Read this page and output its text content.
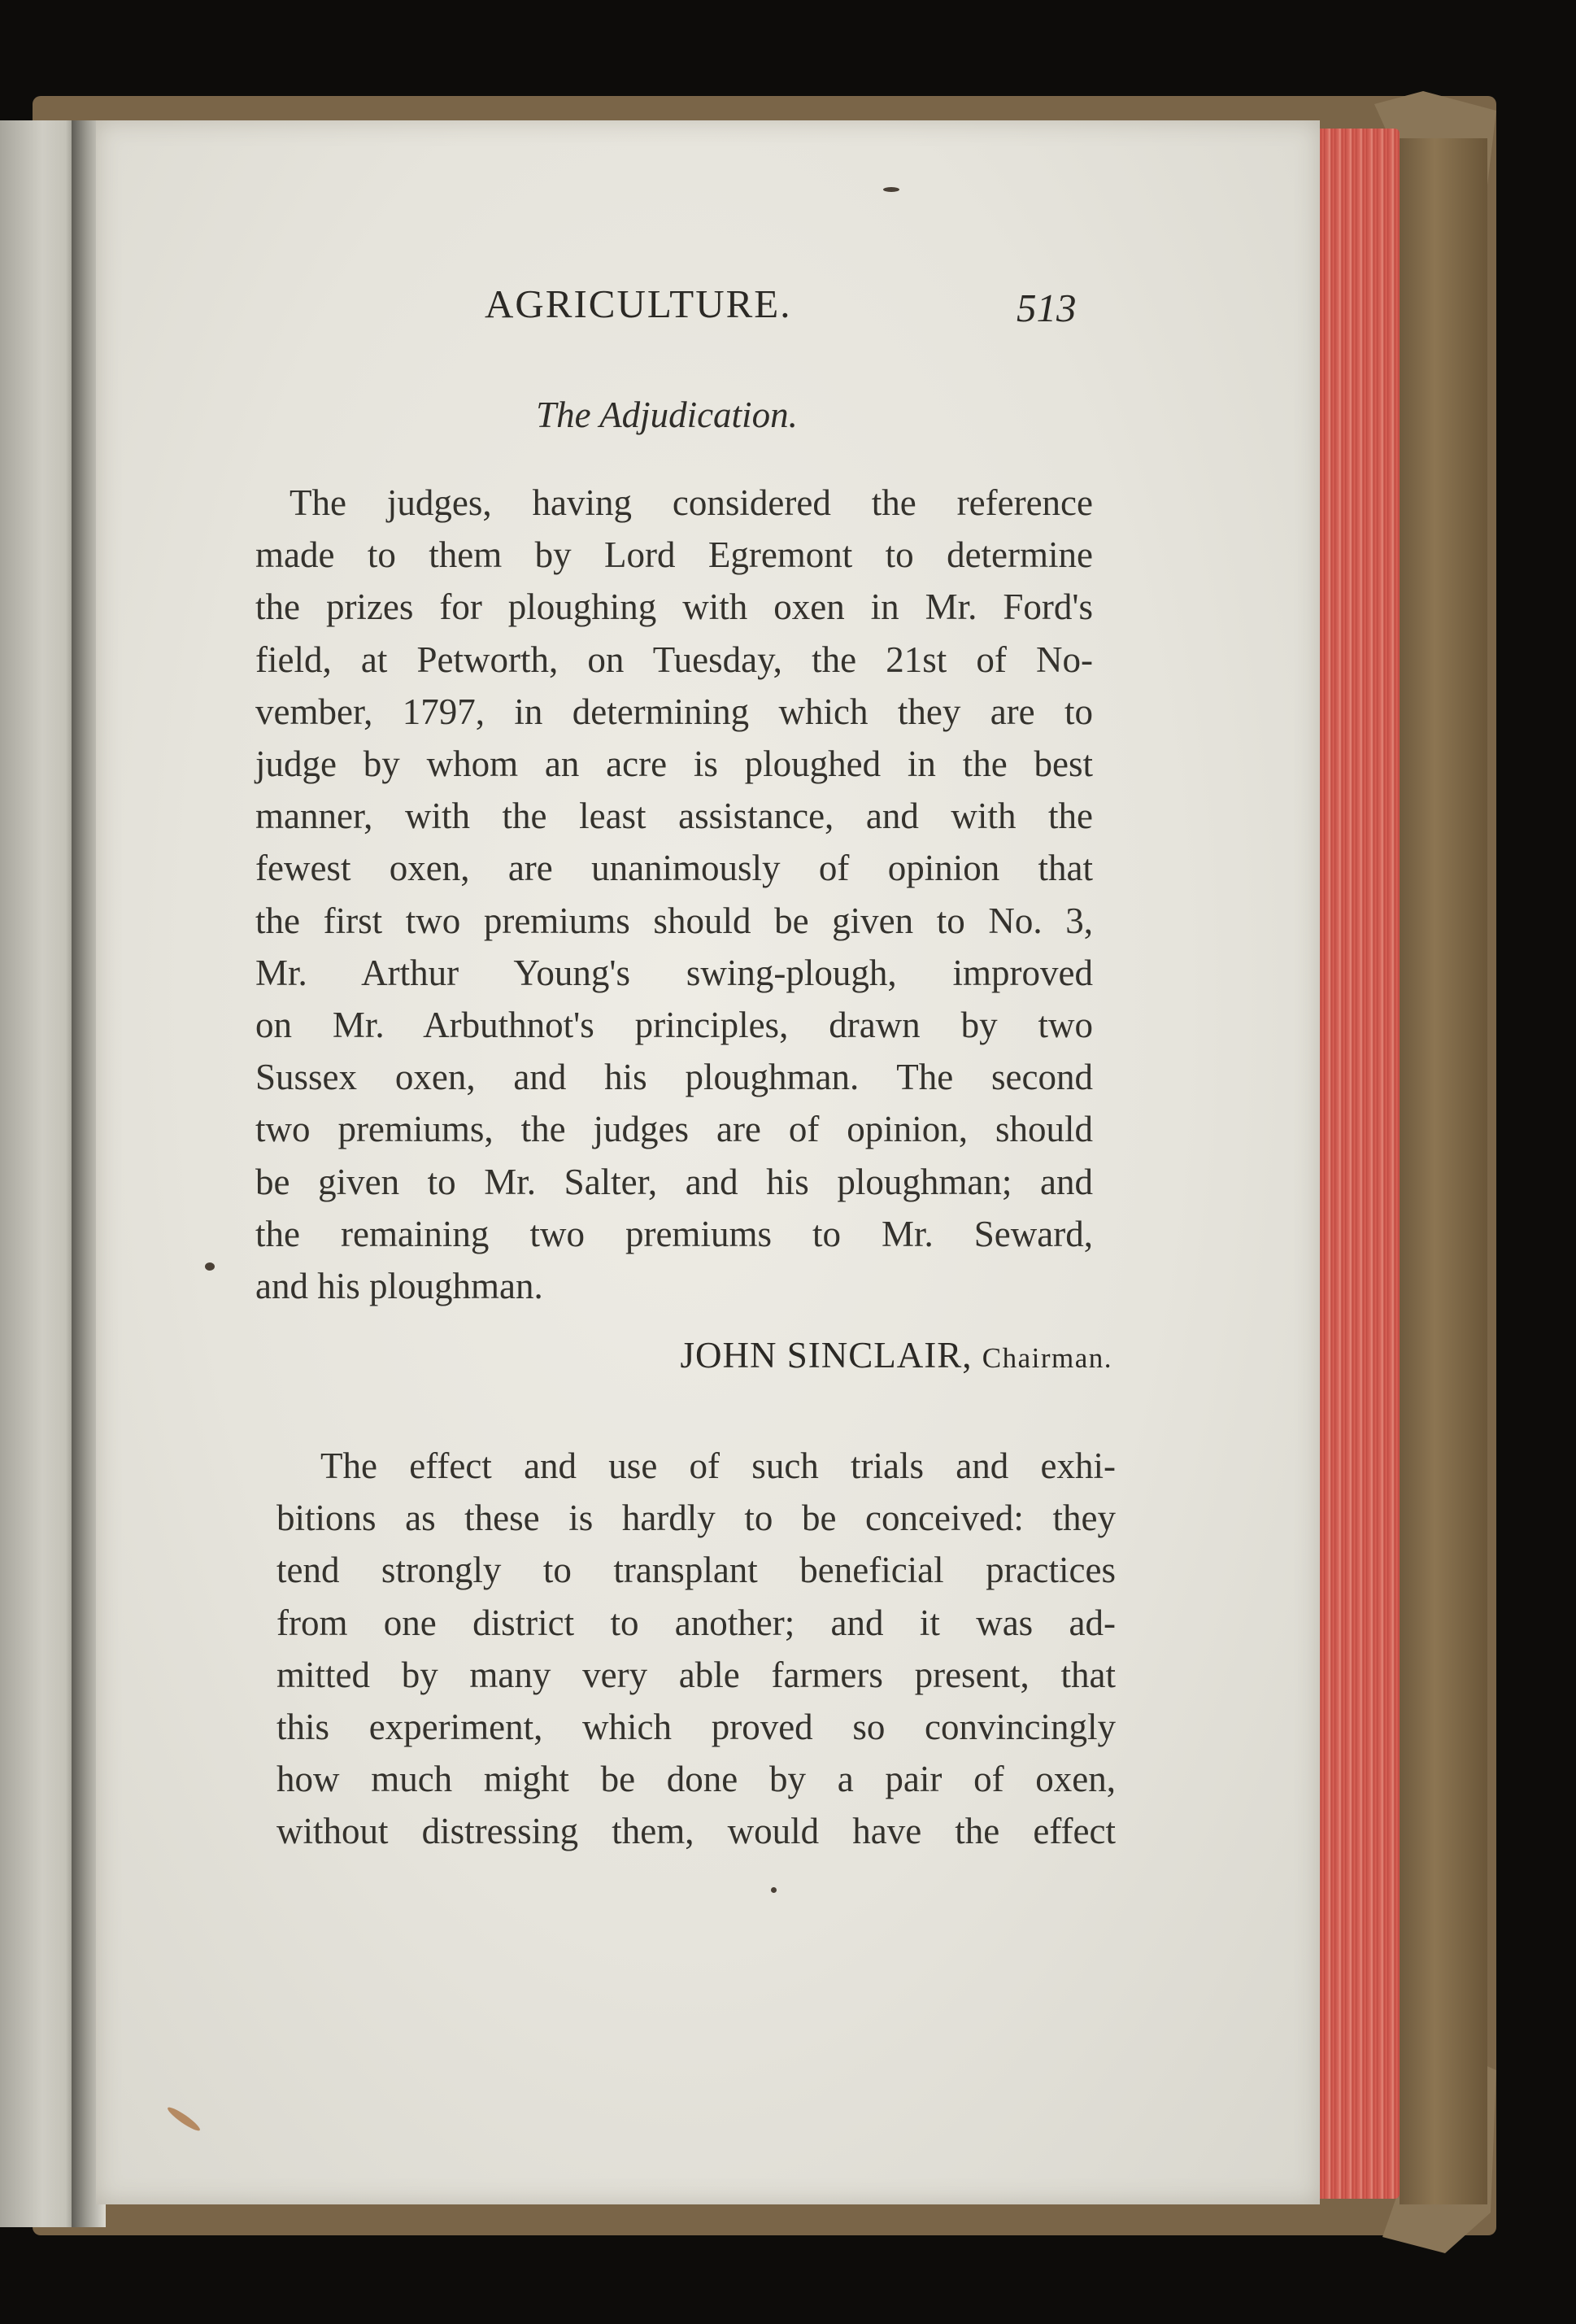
AGRICULTURE.	513
The Adjudication.
The judges, having considered the reference
made to them by Lord Egremont to determine
the prizes for ploughing with oxen in Mr. Ford's
field, at Petworth, on Tuesday, the 21st of No-
vember, 1797, in determining which they are to
judge by whom an acre is ploughed in the best
manner, with the least assistance, and with the
fewest oxen, are unanimously of opinion that
the first two premiums should be given to No. 3,
Mr. Arthur Young's swing-plough, improved
on Mr. Arbuthnot's principles, drawn by two
Sussex oxen, and his ploughman. The second
two premiums, the judges are of opinion, should
be given to Mr. Salter, and his ploughman; and
the remaining two premiums to Mr. Seward,
and his ploughman.
JOHN SINCLAIR, Chairman.
The effect and use of such trials and exhi-
bitions as these is hardly to be conceived: they
tend strongly to transplant beneficial practices
from one district to another; and it was ad-
mitted by many very able farmers present, that
this experiment, which proved so convincingly
how much might be done by a pair of oxen,
without distressing them, would have the effect
